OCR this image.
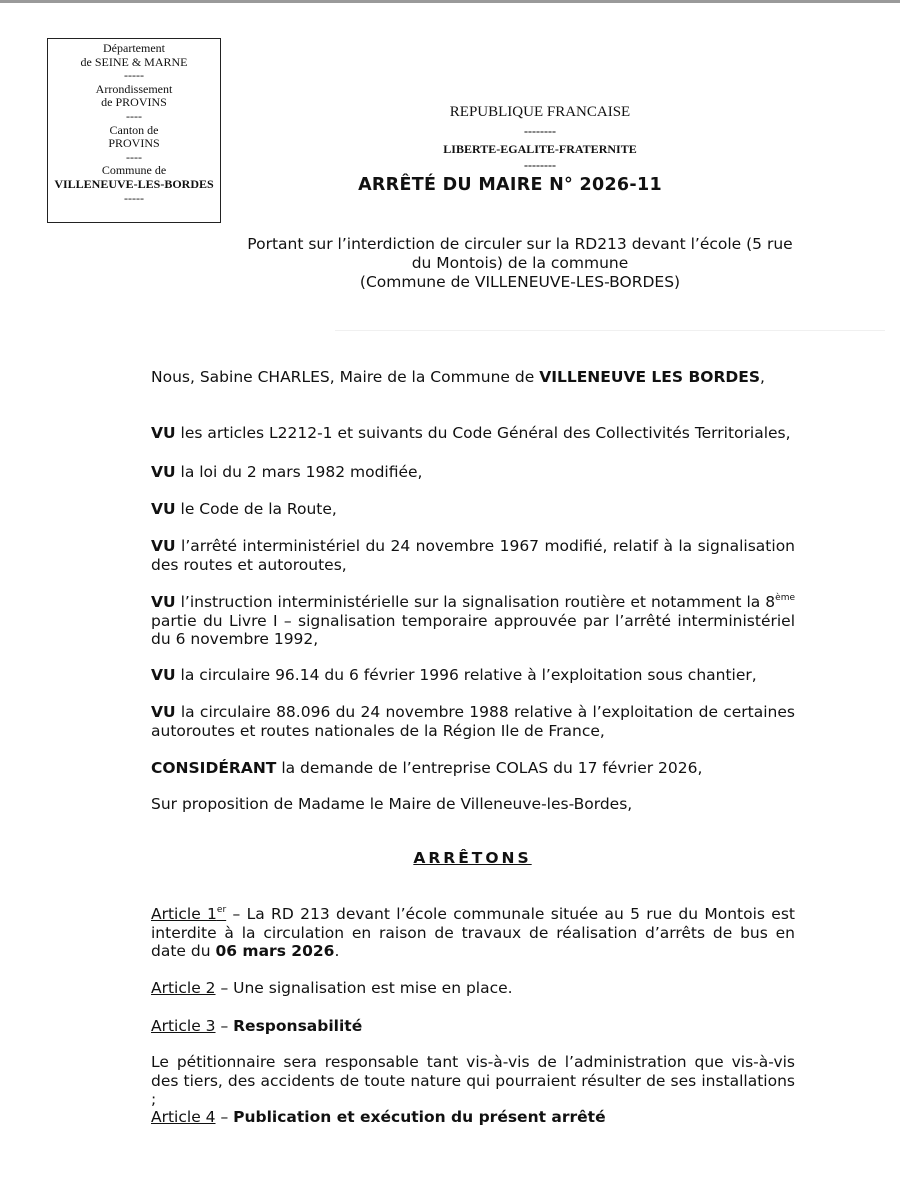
Département
de SEINE & MARNE
-----
Arrondissement
de PROVINS
----
Canton de
PROVINS
----
Commune de
VILLENEUVE-LES-BORDES
-----
REPUBLIQUE FRANCAISE
--------
LIBERTE-EGALITE-FRATERNITE
--------
ARRÊTÉ DU MAIRE N° 2026-11
Portant sur l’interdiction de circuler sur la RD213 devant l’école (5 rue
du Montois) de la commune
(Commune de VILLENEUVE-LES-BORDES)

Nous, Sabine CHARLES, Maire de la Commune de VILLENEUVE LES BORDES,

VU les articles L2212-1 et suivants du Code Général des Collectivités Territoriales,

VU la loi du 2 mars 1982 modifiée,

VU le Code de la Route,

VU l’arrêté interministériel du 24 novembre 1967 modifié, relatif à la signalisation des routes et autoroutes,

VU l’instruction interministérielle sur la signalisation routière et notamment la 8ème partie du Livre I – signalisation temporaire approuvée par l’arrêté interministériel du 6 novembre 1992,

VU la circulaire 96.14 du 6 février 1996 relative à l’exploitation sous chantier,

VU la circulaire 88.096 du 24 novembre 1988 relative à l’exploitation de certaines autoroutes et routes nationales de la Région Ile de France,

CONSIDÉRANT la demande de l’entreprise COLAS du 17 février 2026,

Sur proposition de Madame le Maire de Villeneuve-les-Bordes,

ARRÊTONS

Article 1er – La RD 213 devant l’école communale située au 5 rue du Montois est interdite à la circulation en raison de travaux de réalisation d’arrêts de bus en date du 06 mars 2026.

Article 2 – Une signalisation est mise en place.

Article 3 – Responsabilité

Le pétitionnaire sera responsable tant vis-à-vis de l’administration que vis-à-vis des tiers, des accidents de toute nature qui pourraient résulter de ses installations ;

Article 4 – Publication et exécution du présent arrêté
